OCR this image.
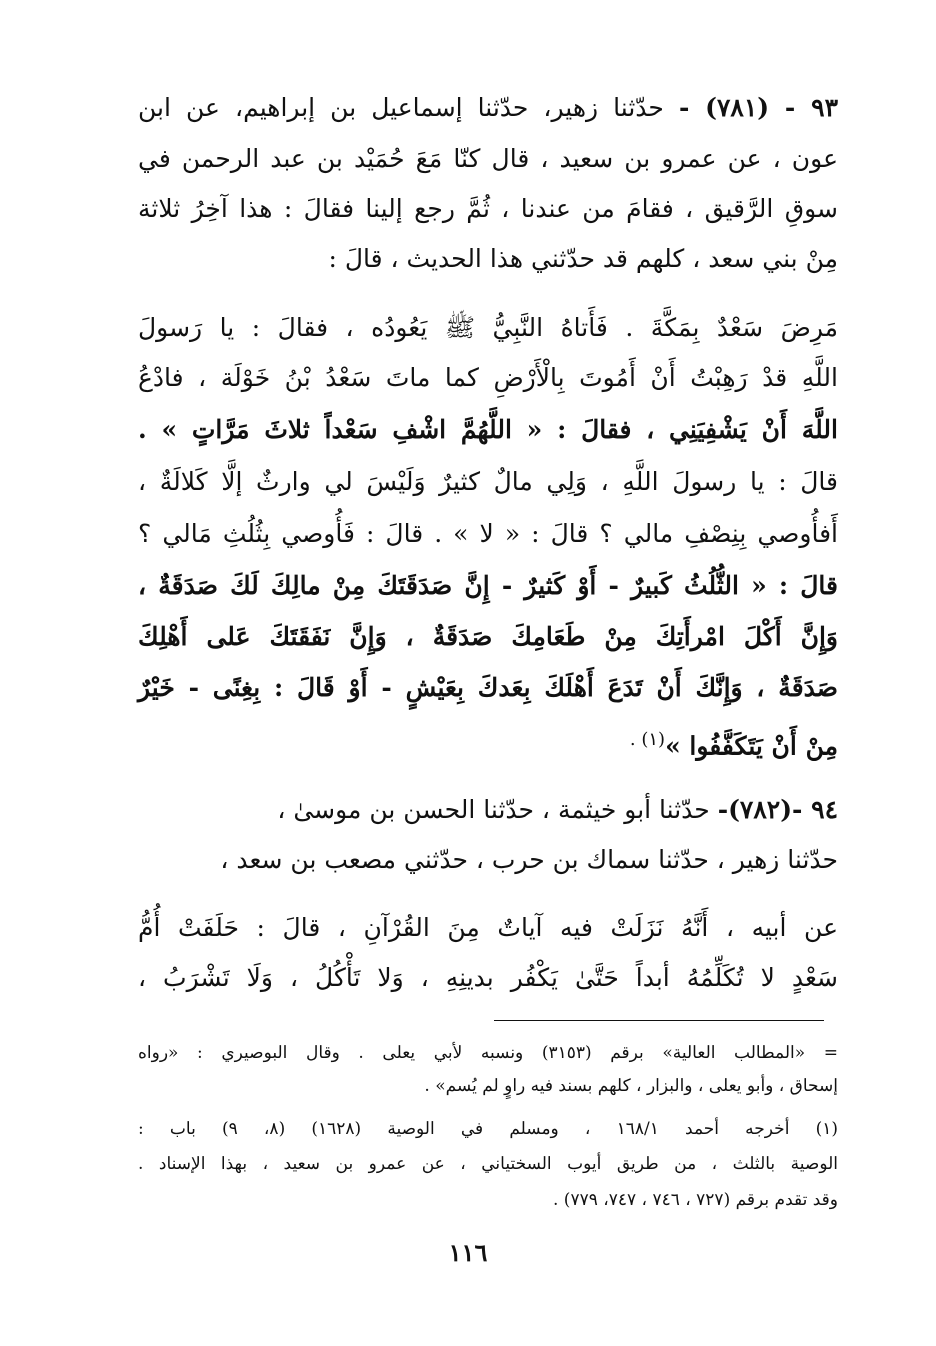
٩٣ - (٧٨١) - حدّثنا زهير، حدّثنا إسماعيل بن إبراهيم، عن ابن
عون ، عن عمرو بن سعيد ، قال كنّا مَعَ حُمَيْد بن عبد الرحمن في
سوقِ الرَّقيق ، فقامَ من عندنا ، ثُمَّ رجع إلينا فقالَ : هذا آخِرُ ثلاثة
مِنْ بني سعد ، كلهم قد حدّثني هذا الحديث ، قالَ :
مَرِضَ سَعْدٌ بِمَكَّةَ . فَأَتاهُ النَّبِيُّ ﷺ يَعُودُه ، فقالَ : يا رَسولَ
اللَّهِ قدْ رَهِبْتُ أَنْ أَمُوتَ بِالْأَرْضِ كما ماتَ سَعْدُ بْنُ خَوْلَة ، فادْعُ
اللَّهَ أَنْ يَشْفِيَنِي ، فقالَ : « اللَّهُمَّ اشْفِ سَعْداً ثلاثَ مَرَّاتٍ » .
قالَ : يا رسولَ اللَّهِ ، وَلِي مالٌ كثيرٌ وَلَيْسَ لي وارثٌ إلَّا كَلالَةٌ ،
أَفأُوصي بِنِصْفِ مالي ؟ قالَ : « لا » . قالَ : فَأُوصي بِثُلُثِ مَالي ؟
قالَ : « الثُّلُثُ كَبيرٌ - أَوْ كَثيرٌ - إِنَّ صَدَقَتَكَ مِنْ مالِكَ لَكَ صَدَقَةٌ ،
وَإِنَّ أَكْلَ امْرأَتِكَ مِنْ طَعَامِكَ صَدَقَةٌ ، وَإِنَّ نَفَقَتَكَ عَلى أَهْلِكَ
صَدَقَةٌ ، وَإِنَّكَ أَنْ تَدَعَ أَهْلَكَ بِعَدكَ بِعَيْشٍ - أَوْ قَالَ : بِغِنًى - خَيْرٌ
مِنْ أَنْ يَتَكَفَّفُوا »$^{(١) .}$
٩٤ -(٧٨٢)- حدّثنا أبو خيثمة ، حدّثنا الحسن بن موسىٰ ،
حدّثنا زهير ، حدّثنا سماك بن حرب ، حدّثني مصعب بن سعد ،
عن أبيه ، أَنَّهُ نَزَلَتْ فيه آياتٌ مِنَ القُرْآنِ ، قالَ : حَلَفَتْ أُمُّ
سَعْدٍ لا تُكَلِّمُهُ أبداً حَتَّىٰ يَكْفُر بدينِهِ ، وَلا تَأْكُلُ ، وَلَا تَشْرَبُ ،
= «المطالب العالية» برقم (٣١٥٣) ونسبه لأبي يعلى . وقال البوصيري : «رواه
إسحاق ، وأبو يعلى ، والبزار ، كلهم بسند فيه راوٍ لم يُسم» .
(١) أخرجه أحمد ١٦٨/١ ، ومسلم في الوصية (١٦٢٨) (٨، ٩) باب :
الوصية بالثلث ، من طريق أيوب السختياني ، عن عمرو بن سعيد ، بهذا الإسناد .
وقد تقدم برقم (٧٢٧ ، ٧٤٦ ، ٧٤٧، ٧٧٩) .
١١٦
